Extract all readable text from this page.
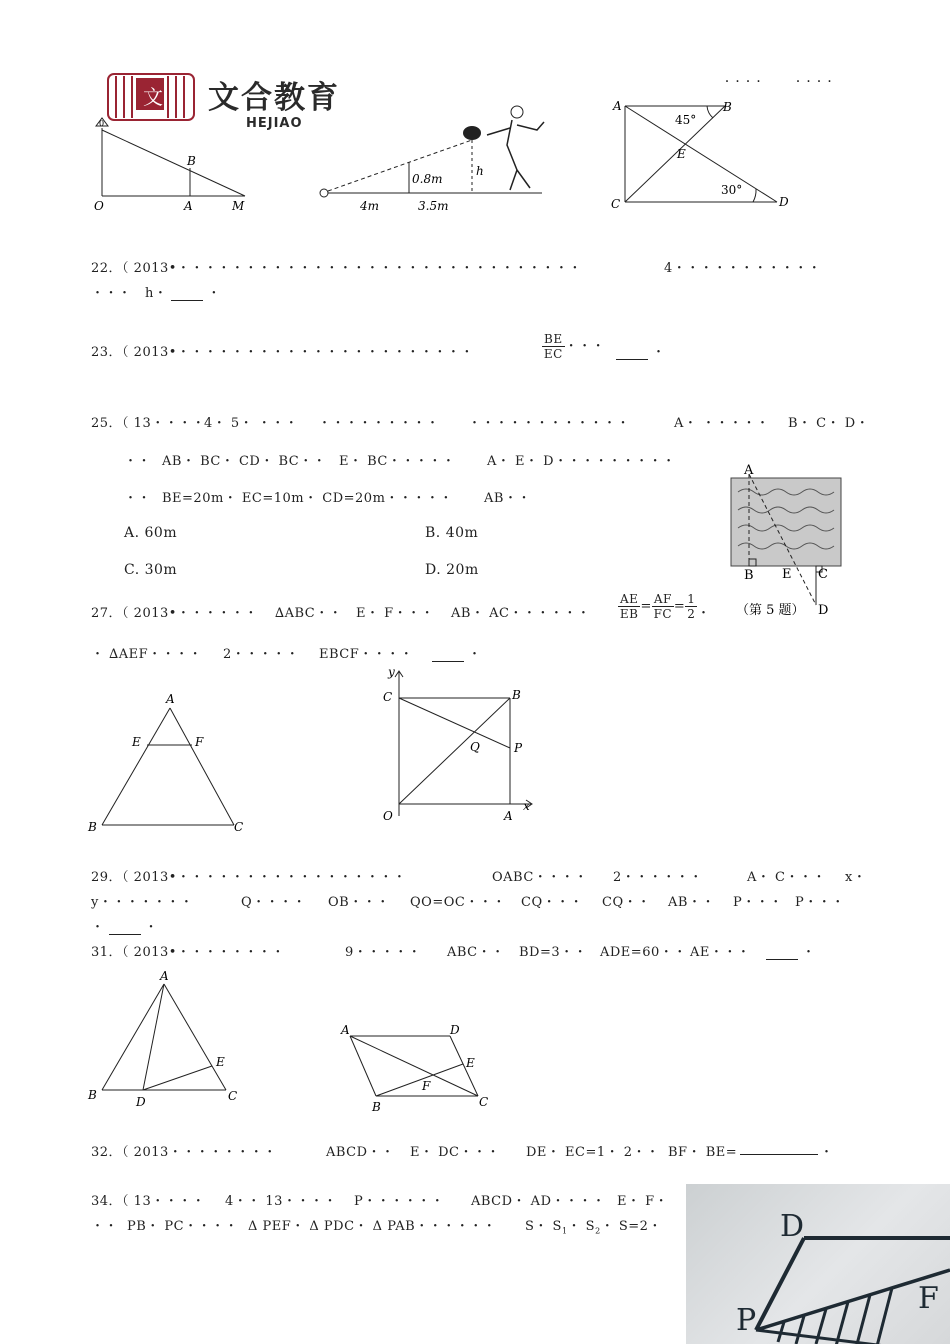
文 文合教育
HEJIAO
・・・・	・・・・
0
O	A	M
B
0.8m
h
4m	3.5m
A	B
C	D
E
45°
30°
22．（ 2013•・・・・・・・・・・・・・・・・・・・・・・・・・・・・・・	4・・・・・・・・・・・
・・・ h・	・
23．（ 2013•・・・・・・・・・・・・・・・・・・・・・・	$\frac{BE}{EC}$ ・・・	・
25．（ 13・・・・
4・ 5・ ・・・ ・・・・・・・・・ ・・・・・・・・・・・・	A・ ・・・・・ B・ C・ D・
・・ AB・ BC・ CD・ BC・・ E・ BC・・・・・ A・ E・ D・・・・・・・・・
・・ BE=20m・ EC=10m・ CD=20m・・・・・ AB・・
A. 60m	B. 40m
C. 30m	D. 20m
A
B E C
D
（第 5 题）
27．（ 2013•・・・・・・ ∆ABC・・ E・ F・・・ AB・ AC・・・・・・ $\frac{AE}{EB} = \frac{AF}{FC} = \frac{1}{2}$ ・
・ ∆AEF・・・・ 2・・・・・ EBCF・・・・	・
A
E	F
B	C
y
C	B
Q	P
O	A
x
29．（ 2013•・・・・・・・・・・・・・・・・・	OABC・・・・ 2・・・・・・	A・ C・・・ x・
y・・・・・・・	Q・・・・ OB・・・ QO=OC・・・ CQ・・・ CQ・・ AB・・ P・・・ P・・・
・	・
31．（ 2013•・・・・・・・・	9・・・・・ ABC・・ BD=3・・ ADE=60・・ AE・・・	・
A
E
B	D	C
A	D
E
F
B	C
32．（ 2013・・・・・・・・	ABCD・・ E・ DC・・・ DE・ EC=1・ 2・・ BF・ BE=	・
34．（ 13・・・・ 4・・ 13・・・・ P・・・・・・ ABCD・ AD・・・・ E・ F・
・・ PB・ PC・・・・ Δ PEF・ Δ PDC・ Δ PAB・・・・・・ S・ $S_1$・ $S_2$・ S=2・	D
P
F
